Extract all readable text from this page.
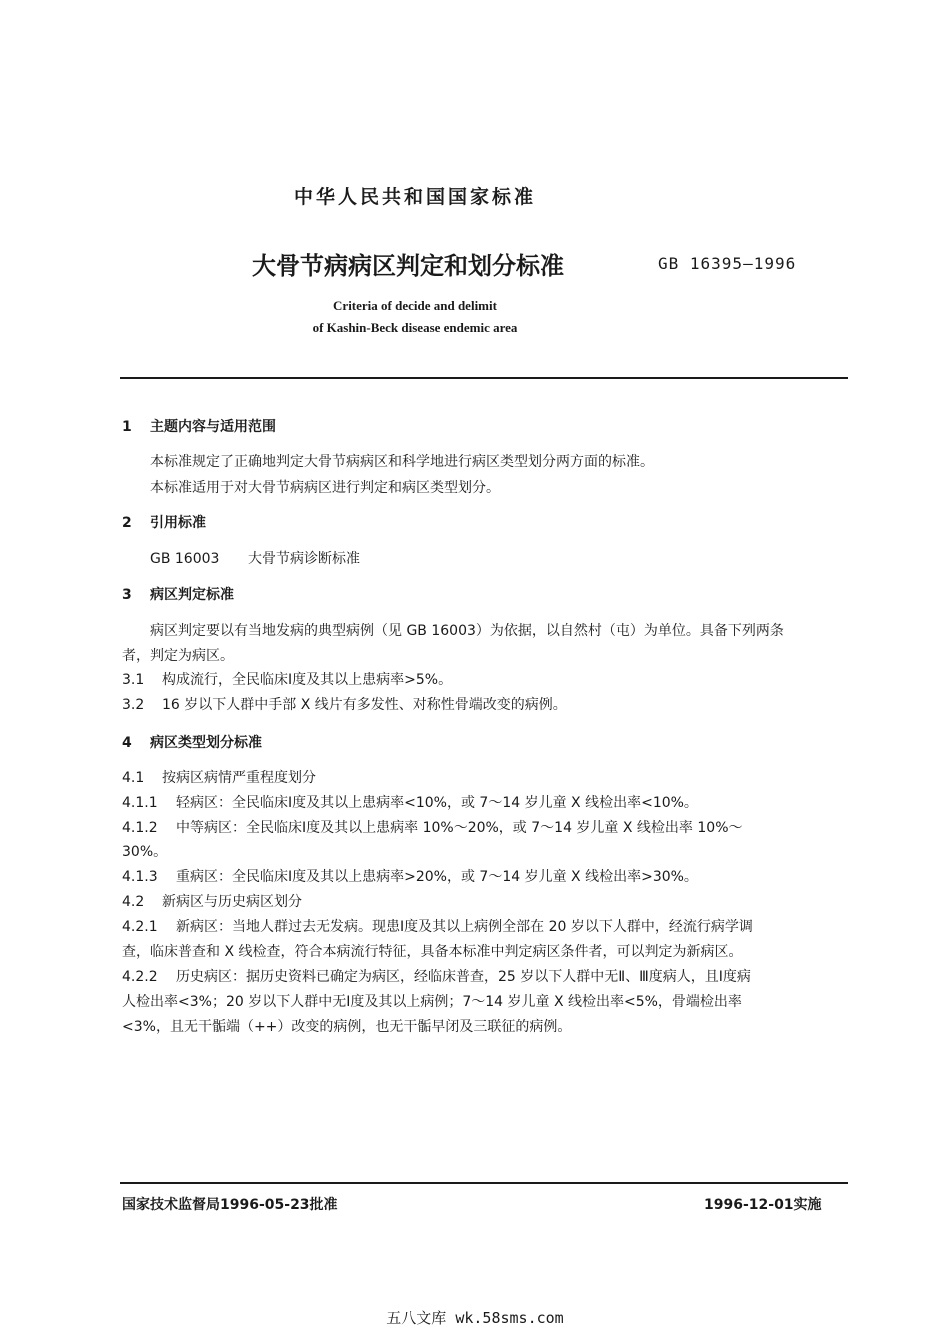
中华人民共和国国家标准
大骨节病病区判定和划分标准	GB 16395—1996
Criteria of decide and delimit
of Kashin-Beck disease endemic area
1 主题内容与适用范围
本标准规定了正确地判定大骨节病病区和科学地进行病区类型划分两方面的标准。
本标准适用于对大骨节病病区进行判定和病区类型划分。
2 引用标准
GB 16003 大骨节病诊断标准
3 病区判定标准
病区判定要以有当地发病的典型病例（见 GB 16003）为依据，以自然村（屯）为单位。具备下列两条
者，判定为病区。
3.1 构成流行，全民临床Ⅰ度及其以上患病率>5%。
3.2 16 岁以下人群中手部 X 线片有多发性、对称性骨端改变的病例。
4 病区类型划分标准
4.1 按病区病情严重程度划分
4.1.1 轻病区：全民临床Ⅰ度及其以上患病率<10%，或 7～14 岁儿童 X 线检出率<10%。
4.1.2 中等病区：全民临床Ⅰ度及其以上患病率 10%～20%，或 7～14 岁儿童 X 线检出率 10%～
30%。
4.1.3 重病区：全民临床Ⅰ度及其以上患病率>20%，或 7～14 岁儿童 X 线检出率>30%。
4.2 新病区与历史病区划分
4.2.1 新病区：当地人群过去无发病。现患Ⅰ度及其以上病例全部在 20 岁以下人群中，经流行病学调
查，临床普查和 X 线检查，符合本病流行特征，具备本标准中判定病区条件者，可以判定为新病区。
4.2.2 历史病区：据历史资料已确定为病区，经临床普查，25 岁以下人群中无Ⅱ、Ⅲ度病人，且Ⅰ度病
人检出率<3%；20 岁以下人群中无Ⅰ度及其以上病例；7～14 岁儿童 X 线检出率<5%，骨端检出率
<3%，且无干骺端（++）改变的病例，也无干骺早闭及三联征的病例。
国家技术监督局1996-05-23批准	1996-12-01实施
五八文库 wk.58sms.com
